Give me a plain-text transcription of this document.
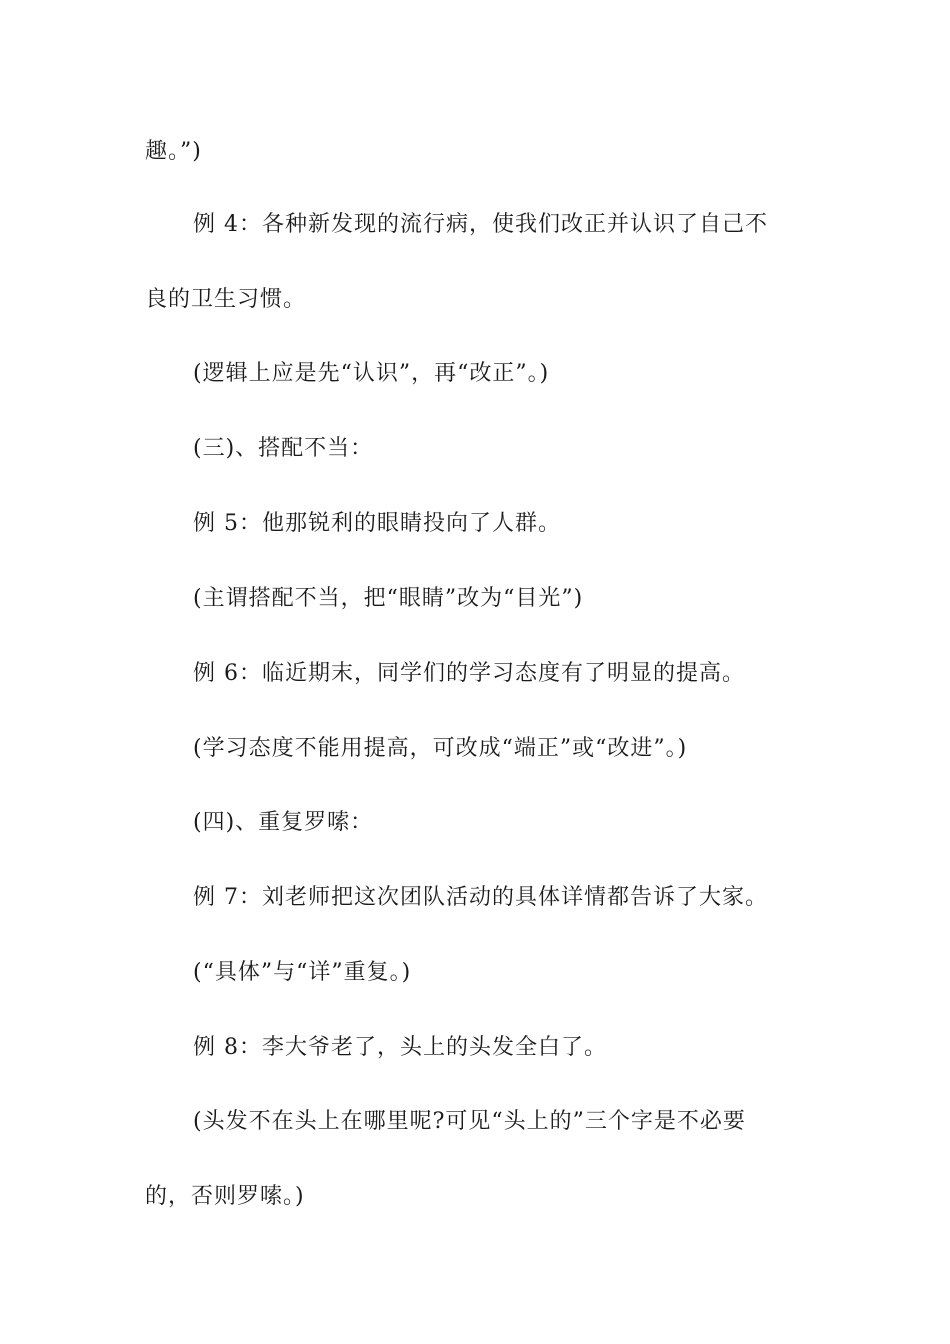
趣。”)
例 4：各种新发现的流行病，使我们改正并认识了自己不
良的卫生习惯。
(逻辑上应是先“认识”，再“改正”。)
(三)、搭配不当：
例 5：他那锐利的眼睛投向了人群。
(主谓搭配不当，把“眼睛”改为“目光”)
例 6：临近期末，同学们的学习态度有了明显的提高。
(学习态度不能用提高，可改成“端正”或“改进”。)
(四)、重复罗嗦：
例 7：刘老师把这次团队活动的具体详情都告诉了大家。
(“具体”与“详”重复。)
例 8：李大爷老了，头上的头发全白了。
(头发不在头上在哪里呢?可见“头上的”三个字是不必要
的，否则罗嗦。)
